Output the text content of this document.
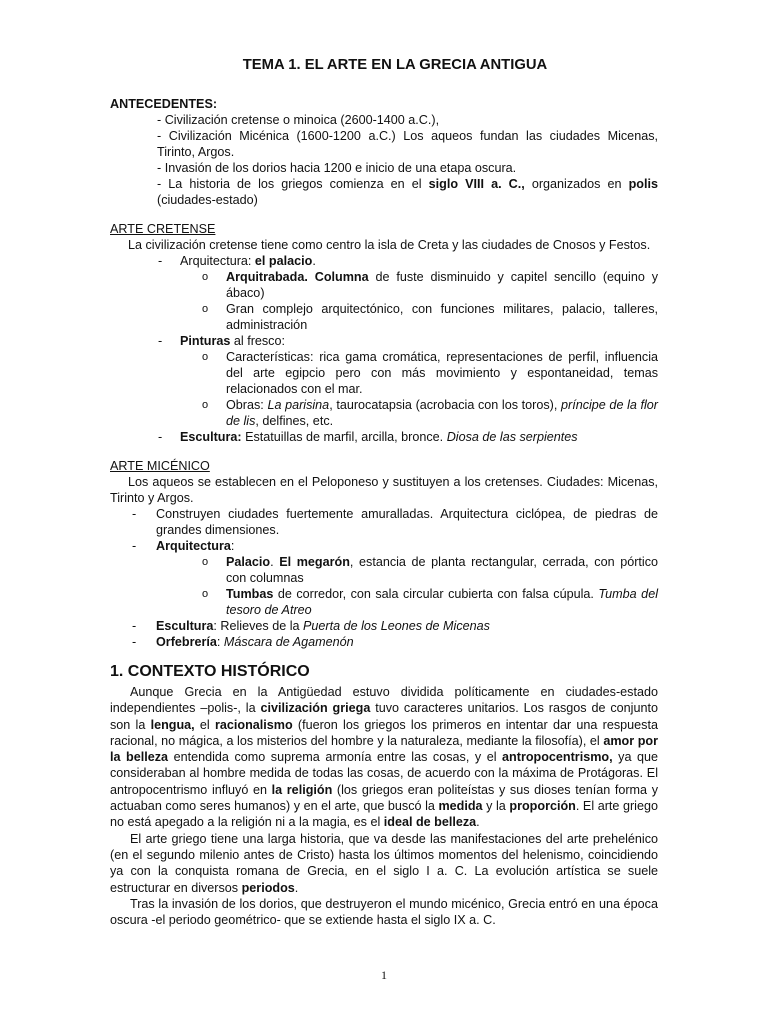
TEMA 1. EL ARTE EN LA GRECIA ANTIGUA

ANTECEDENTES:

- Civilización cretense o minoica (2600-1400 a.C.),

- Civilización Micénica (1600-1200 a.C.) Los aqueos fundan las ciudades Micenas, Tirinto, Argos.

- Invasión de los dorios hacia 1200 e inicio de una etapa oscura.

- La historia de los griegos comienza en el siglo VIII a. C., organizados en polis (ciudades-estado)

ARTE CRETENSE

La civilización cretense tiene como centro la isla de Creta y las ciudades de Cnosos y Festos.

-	Arquitectura: el palacio.
o Arquitrabada. Columna de fuste disminuido y capitel sencillo (equino y ábaco)
o Gran complejo arquitectónico, con funciones militares, palacio, talleres, administración
-	Pinturas al fresco:
o Características: rica gama cromática, representaciones de perfil, influencia del arte egipcio pero con más movimiento y espontaneidad, temas relacionados con el mar.
o Obras: La parisina, taurocatapsia (acrobacia con los toros), príncipe de la flor de lis, delfines, etc.
-	Escultura: Estatuillas de marfil, arcilla, bronce. Diosa de las serpientes

ARTE MICÉNICO

Los aqueos se establecen en el Peloponeso y sustituyen a los cretenses. Ciudades: Micenas, Tirinto y Argos.

-	Construyen ciudades fuertemente amuralladas. Arquitectura ciclópea, de piedras de grandes dimensiones.
-	Arquitectura:
o Palacio. El megarón, estancia de planta rectangular, cerrada, con pórtico con columnas
o Tumbas de corredor, con sala circular cubierta con falsa cúpula. Tumba del tesoro de Atreo
-	Escultura: Relieves de la Puerta de los Leones de Micenas
-	Orfebrería: Máscara de Agamenón

1. CONTEXTO HISTÓRICO

Aunque Grecia en la Antigüedad estuvo dividida políticamente en ciudades-estado independientes –polis-, la civilización griega tuvo caracteres unitarios. Los rasgos de conjunto son la lengua, el racionalismo (fueron los griegos los primeros en intentar dar una respuesta racional, no mágica, a los misterios del hombre y la naturaleza, mediante la filosofía), el amor por la belleza entendida como suprema armonía entre las cosas, y el antropocentrismo, ya que consideraban al hombre medida de todas las cosas, de acuerdo con la máxima de Protágoras. El antropocentrismo influyó en la religión (los griegos eran politeístas y sus dioses tenían forma y actuaban como seres humanos) y en el arte, que buscó la medida y la proporción. El arte griego no está apegado a la religión ni a la magia, es el ideal de belleza.

El arte griego tiene una larga historia, que va desde las manifestaciones del arte prehelénico (en el segundo milenio antes de Cristo) hasta los últimos momentos del helenismo, coincidiendo ya con la conquista romana de Grecia, en el siglo I a. C. La evolución artística se suele estructurar en diversos periodos.

Tras la invasión de los dorios, que destruyeron el mundo micénico, Grecia entró en una época oscura -el periodo geométrico- que se extiende hasta el siglo IX a. C.

1
